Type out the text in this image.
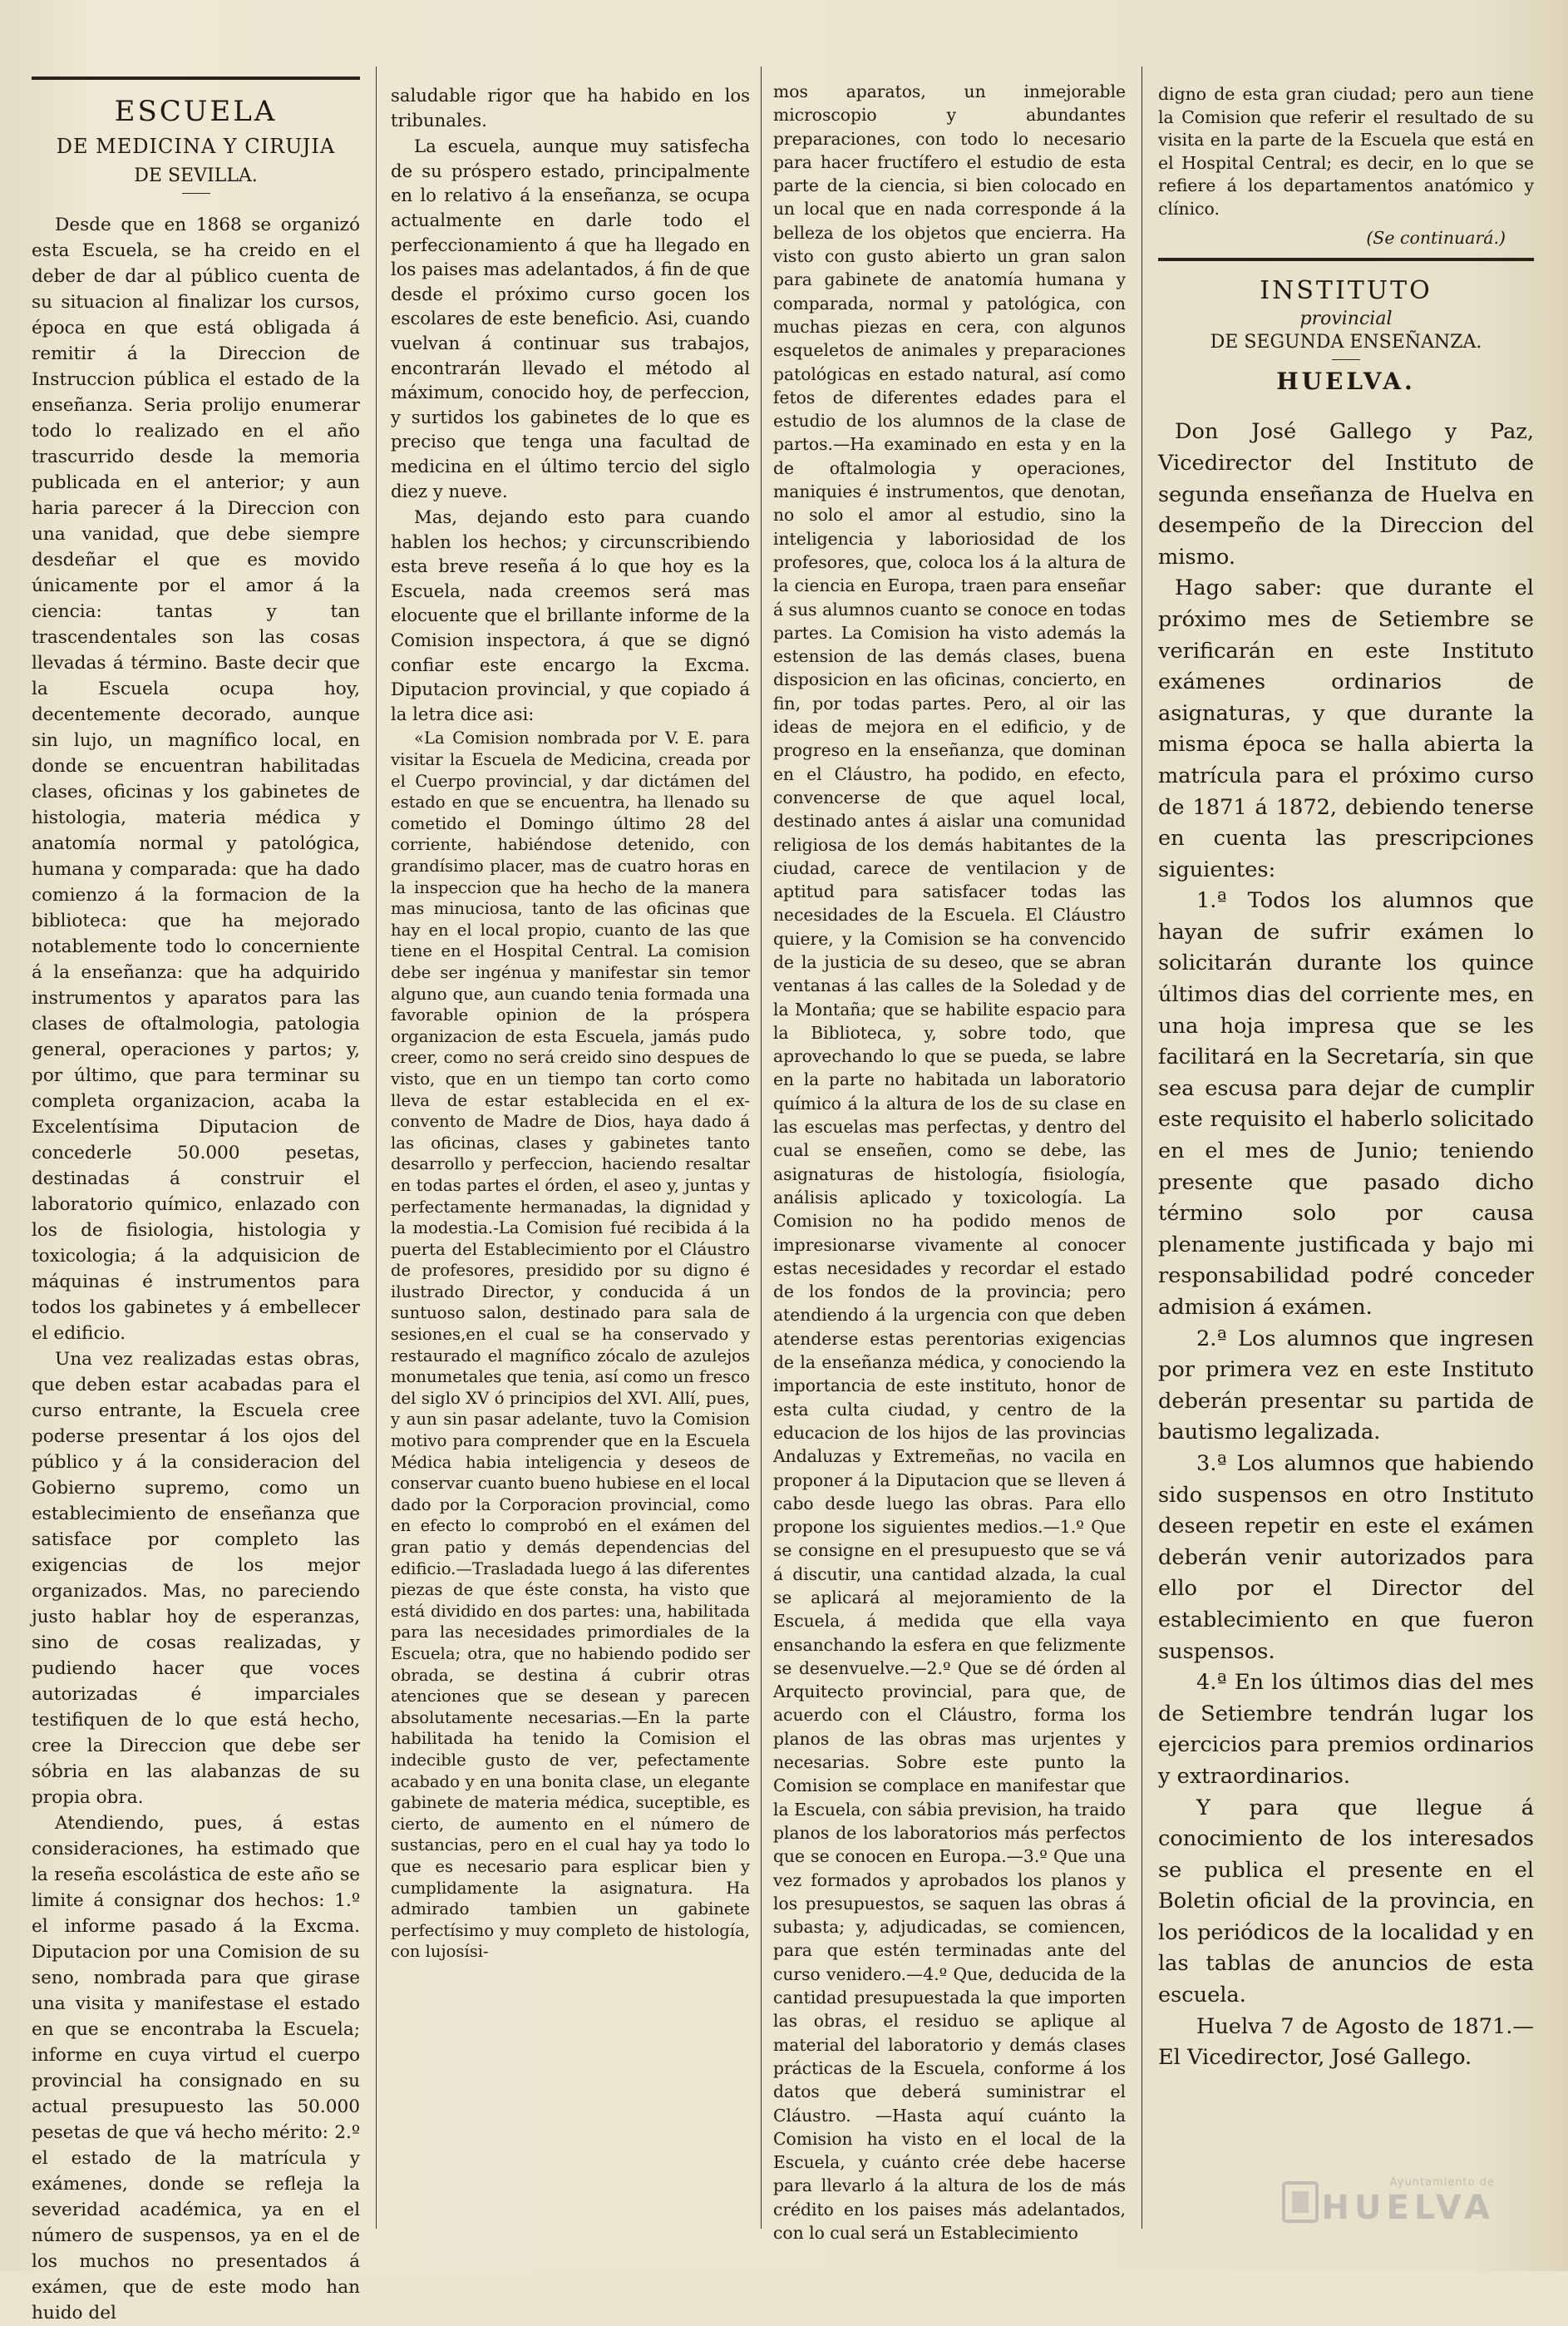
ESCUELA
DE MEDICINA Y CIRUJIA
DE SEVILLA.

Desde que en 1868 se organizó esta Escuela, se ha creido en el deber de dar al público cuenta de su situacion al finalizar los cursos, época en que está obligada á remitir á la Direccion de Instruccion pública el estado de la enseñanza. Seria prolijo enumerar todo lo realizado en el año trascurrido desde la memoria publicada en el anterior; y aun haria parecer á la Direccion con una vanidad, que debe siempre desdeñar el que es movido únicamente por el amor á la ciencia: tantas y tan trascendentales son las cosas llevadas á término. Baste decir que la Escuela ocupa hoy, decentemente decorado, aunque sin lujo, un magnífico local, en donde se encuentran habilitadas clases, oficinas y los gabinetes de histologia, materia médica y anatomía normal y patológica, humana y comparada: que ha dado comienzo á la formacion de la biblioteca: que ha mejorado notablemente todo lo concerniente á la enseñanza: que ha adquirido instrumentos y aparatos para las clases de oftalmologia, patologia general, operaciones y partos; y, por último, que para terminar su completa organizacion, acaba la Excelentísima Diputacion de concederle 50.000 pesetas, destinadas á construir el laboratorio químico, enlazado con los de fisiologia, histologia y toxicologia; á la adquisicion de máquinas é instrumentos para todos los gabinetes y á embellecer el edificio.

Una vez realizadas estas obras, que deben estar acabadas para el curso entrante, la Escuela cree poderse presentar á los ojos del público y á la consideracion del Gobierno supremo, como un establecimiento de enseñanza que satisface por completo las exigencias de los mejor organizados. Mas, no pareciendo justo hablar hoy de esperanzas, sino de cosas realizadas, y pudiendo hacer que voces autorizadas é imparciales testifiquen de lo que está hecho, cree la Direccion que debe ser sóbria en las alabanzas de su propia obra.

Atendiendo, pues, á estas consideraciones, ha estimado que la reseña escolástica de este año se limite á consignar dos hechos: 1.º el informe pasado á la Excma. Diputacion por una Comision de su seno, nombrada para que girase una visita y manifestase el estado en que se encontraba la Escuela; informe en cuya virtud el cuerpo provincial ha consignado en su actual presupuesto las 50.000 pesetas de que vá hecho mérito: 2.º el estado de la matrícula y exámenes, donde se refleja la severidad académica, ya en el número de suspensos, ya en el de los muchos no presentados á exámen, que de este modo han huido del

saludable rigor que ha habido en los tribunales.

La escuela, aunque muy satisfecha de su próspero estado, principalmente en lo relativo á la enseñanza, se ocupa actualmente en darle todo el perfeccionamiento á que ha llegado en los paises mas adelantados, á fin de que desde el próximo curso gocen los escolares de este beneficio. Asi, cuando vuelvan á continuar sus trabajos, encontrarán llevado el método al máximum, conocido hoy, de perfeccion, y surtidos los gabinetes de lo que es preciso que tenga una facultad de medicina en el último tercio del siglo diez y nueve.

Mas, dejando esto para cuando hablen los hechos; y circunscribiendo esta breve reseña á lo que hoy es la Escuela, nada creemos será mas elocuente que el brillante informe de la Comision inspectora, á que se dignó confiar este encargo la Excma. Diputacion provincial, y que copiado á la letra dice asi:

«La Comision nombrada por V. E. para visitar la Escuela de Medicina, creada por el Cuerpo provincial, y dar dictámen del estado en que se encuentra, ha llenado su cometido el Domingo último 28 del corriente, habiéndose detenido, con grandísimo placer, mas de cuatro horas en la inspeccion que ha hecho de la manera mas minuciosa, tanto de las oficinas que hay en el local propio, cuanto de las que tiene en el Hospital Central. La comision debe ser ingénua y manifestar sin temor alguno que, aun cuando tenia formada una favorable opinion de la próspera organizacion de esta Escuela, jamás pudo creer, como no será creido sino despues de visto, que en un tiempo tan corto como lleva de estar establecida en el ex-convento de Madre de Dios, haya dado á las oficinas, clases y gabinetes tanto desarrollo y perfeccion, haciendo resaltar en todas partes el órden, el aseo y, juntas y perfectamente hermanadas, la dignidad y la modestia.-La Comision fué recibida á la puerta del Establecimiento por el Cláustro de profesores, presidido por su digno é ilustrado Director, y conducida á un suntuoso salon, destinado para sala de sesiones,en el cual se ha conservado y restaurado el magnífico zócalo de azulejos monumetales que tenia, así como un fresco del siglo XV ó principios del XVI. Allí, pues, y aun sin pasar adelante, tuvo la Comision motivo para comprender que en la Escuela Médica habia inteligencia y deseos de conservar cuanto bueno hubiese en el local dado por la Corporacion provincial, como en efecto lo comprobó en el exámen del gran patio y demás dependencias del edificio.—Trasladada luego á las diferentes piezas de que éste consta, ha visto que está dividido en dos partes: una, habilitada para las necesidades primordiales de la Escuela; otra, que no habiendo podido ser obrada, se destina á cubrir otras atenciones que se desean y parecen absolutamente necesarias.—En la parte habilitada ha tenido la Comision el indecible gusto de ver, pefectamente acabado y en una bonita clase, un elegante gabinete de materia médica, suceptible, es cierto, de aumento en el número de sustancias, pero en el cual hay ya todo lo que es necesario para esplicar bien y cumplidamente la asignatura. Ha admirado tambien un gabinete perfectísimo y muy completo de histología, con lujosísi-

mos aparatos, un inmejorable microscopio y abundantes preparaciones, con todo lo necesario para hacer fructífero el estudio de esta parte de la ciencia, si bien colocado en un local que en nada corresponde á la belleza de los objetos que encierra. Ha visto con gusto abierto un gran salon para gabinete de anatomía humana y comparada, normal y patológica, con muchas piezas en cera, con algunos esqueletos de animales y preparaciones patológicas en estado natural, así como fetos de diferentes edades para el estudio de los alumnos de la clase de partos.—Ha examinado en esta y en la de oftalmologia y operaciones, maniquies é instrumentos, que denotan, no solo el amor al estudio, sino la inteligencia y laboriosidad de los profesores, que, coloca los á la altura de la ciencia en Europa, traen para enseñar á sus alumnos cuanto se conoce en todas partes. La Comision ha visto además la estension de las demás clases, buena disposicion en las oficinas, concierto, en fin, por todas partes. Pero, al oir las ideas de mejora en el edificio, y de progreso en la enseñanza, que dominan en el Cláustro, ha podido, en efecto, convencerse de que aquel local, destinado antes á aislar una comunidad religiosa de los demás habitantes de la ciudad, carece de ventilacion y de aptitud para satisfacer todas las necesidades de la Escuela. El Cláustro quiere, y la Comision se ha convencido de la justicia de su deseo, que se abran ventanas á las calles de la Soledad y de la Montaña; que se habilite espacio para la Biblioteca, y, sobre todo, que aprovechando lo que se pueda, se labre en la parte no habitada un laboratorio químico á la altura de los de su clase en las escuelas mas perfectas, y dentro del cual se enseñen, como se debe, las asignaturas de histología, fisiología, análisis aplicado y toxicología. La Comision no ha podido menos de impresionarse vivamente al conocer estas necesidades y recordar el estado de los fondos de la provincia; pero atendiendo á la urgencia con que deben atenderse estas perentorias exigencias de la enseñanza médica, y conociendo la importancia de este instituto, honor de esta culta ciudad, y centro de la educacion de los hijos de las provincias Andaluzas y Extremeñas, no vacila en proponer á la Diputacion que se lleven á cabo desde luego las obras. Para ello propone los siguientes medios.—1.º Que se consigne en el presupuesto que se vá á discutir, una cantidad alzada, la cual se aplicará al mejoramiento de la Escuela, á medida que ella vaya ensanchando la esfera en que felizmente se desenvuelve.—2.º Que se dé órden al Arquitecto provincial, para que, de acuerdo con el Cláustro, forma los planos de las obras mas urjentes y necesarias. Sobre este punto la Comision se complace en manifestar que la Escuela, con sábia prevision, ha traido planos de los laboratorios más perfectos que se conocen en Europa.—3.º Que una vez formados y aprobados los planos y los presupuestos, se saquen las obras á subasta; y, adjudicadas, se comiencen, para que estén terminadas ante del curso venidero.—4.º Que, deducida de la cantidad presupuestada la que importen las obras, el residuo se aplique al material del laboratorio y demás clases prácticas de la Escuela, conforme á los datos que deberá suministrar el Cláustro. —Hasta aquí cuánto la Comision ha visto en el local de la Escuela, y cuánto crée debe hacerse para llevarlo á la altura de los de más crédito en los paises más adelantados, con lo cual será un Establecimiento

digno de esta gran ciudad; pero aun tiene la Comision que referir el resultado de su visita en la parte de la Escuela que está en el Hospital Central; es decir, en lo que se refiere á los departamentos anatómico y clínico.

(Se continuará.)
INSTITUTO
provincial
DE SEGUNDA ENSEÑANZA.
HUELVA.

Don José Gallego y Paz, Vicedirector del Instituto de segunda enseñanza de Huelva en desempeño de la Direccion del mismo.

Hago saber: que durante el próximo mes de Setiembre se verificarán en este Instituto exámenes ordinarios de asignaturas, y que durante la misma época se halla abierta la matrícula para el próximo curso de 1871 á 1872, debiendo tenerse en cuenta las prescripciones siguientes:

1.ª Todos los alumnos que hayan de sufrir exámen lo solicitarán durante los quince últimos dias del corriente mes, en una hoja impresa que se les facilitará en la Secretaría, sin que sea escusa para dejar de cumplir este requisito el haberlo solicitado en el mes de Junio; teniendo presente que pasado dicho término solo por causa plenamente justificada y bajo mi responsabilidad podré conceder admision á exámen.

2.ª Los alumnos que ingresen por primera vez en este Instituto deberán presentar su partida de bautismo legalizada.

3.ª Los alumnos que habiendo sido suspensos en otro Instituto deseen repetir en este el exámen deberán venir autorizados para ello por el Director del establecimiento en que fueron suspensos.

4.ª En los últimos dias del mes de Setiembre tendrán lugar los ejercicios para premios ordinarios y extraordinarios.

Y para que llegue á conocimiento de los interesados se publica el presente en el Boletin oficial de la provincia, en los periódicos de la localidad y en las tablas de anuncios de esta escuela.

Huelva 7 de Agosto de 1871.—El Vicedirector, José Gallego.

Ayuntamiento de
HUELVA
